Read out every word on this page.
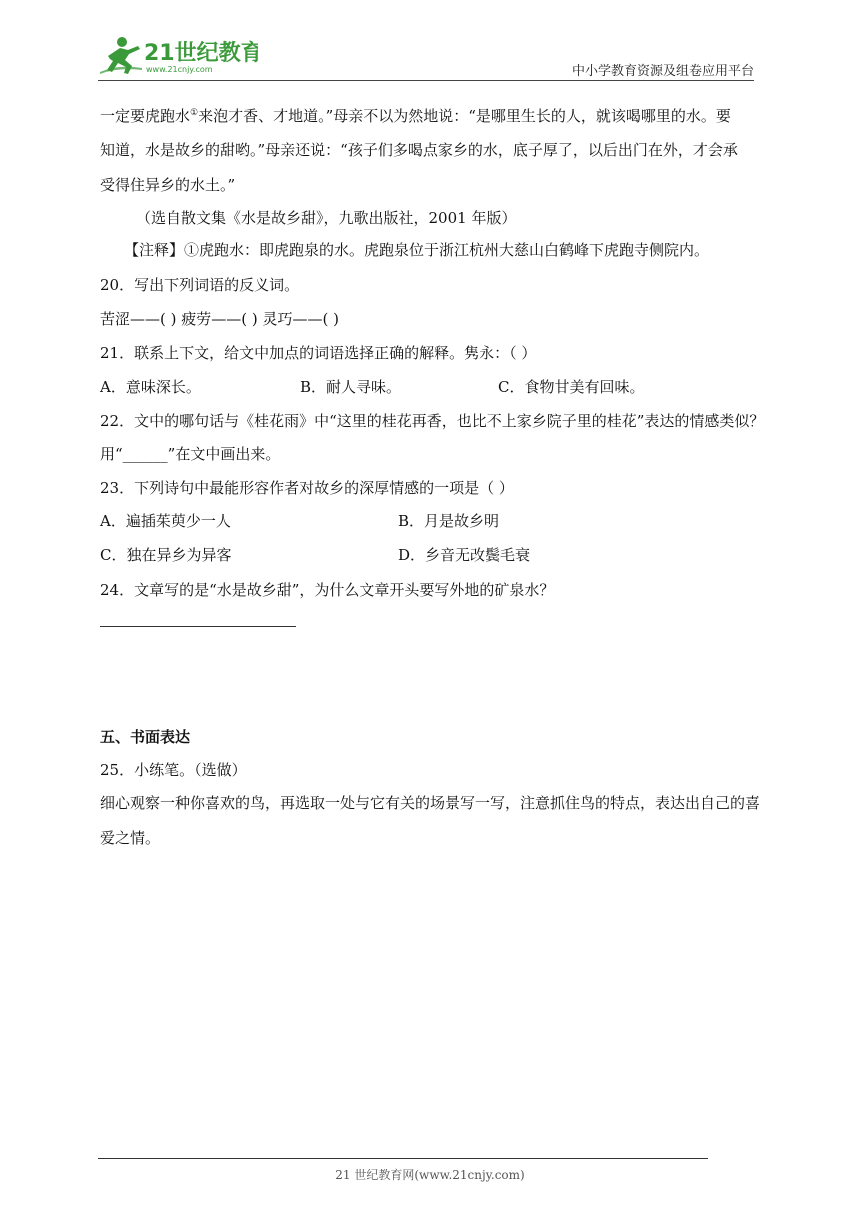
21世纪教育
www.21cnjy.com	中小学教育资源及组卷应用平台
一定要虎跑水①来泡才香、才地道。”母亲不以为然地说：“是哪里生长的人，就该喝哪里的水。要
知道，水是故乡的甜哟。”母亲还说：“孩子们多喝点家乡的水，底子厚了，以后出门在外，才会承
受得住异乡的水土。”
（选自散文集《水是故乡甜》，九歌出版社，2001 年版）
【注释】①虎跑水：即虎跑泉的水。虎跑泉位于浙江杭州大慈山白鹤峰下虎跑寺侧院内。
20．写出下列词语的反义词。
苦涩——( ) 疲劳——( ) 灵巧——( )
21．联系上下文，给文中加点的词语选择正确的解释。隽永：（ ）
A．意味深长。	B．耐人寻味。	C．食物甘美有回味。
22．文中的哪句话与《桂花雨》中“这里的桂花再香，也比不上家乡院子里的桂花”表达的情感类似？
用“______”在文中画出来。
23．下列诗句中最能形容作者对故乡的深厚情感的一项是（ ）
A．遍插茱萸少一人	B．月是故乡明
C．独在异乡为异客	D．乡音无改鬓毛衰
24．文章写的是“水是故乡甜”，为什么文章开头要写外地的矿泉水？
五、书面表达
25．小练笔。（选做）
细心观察一种你喜欢的鸟，再选取一处与它有关的场景写一写，注意抓住鸟的特点，表达出自己的喜
爱之情。
21 世纪教育网(www.21cnjy.com)
